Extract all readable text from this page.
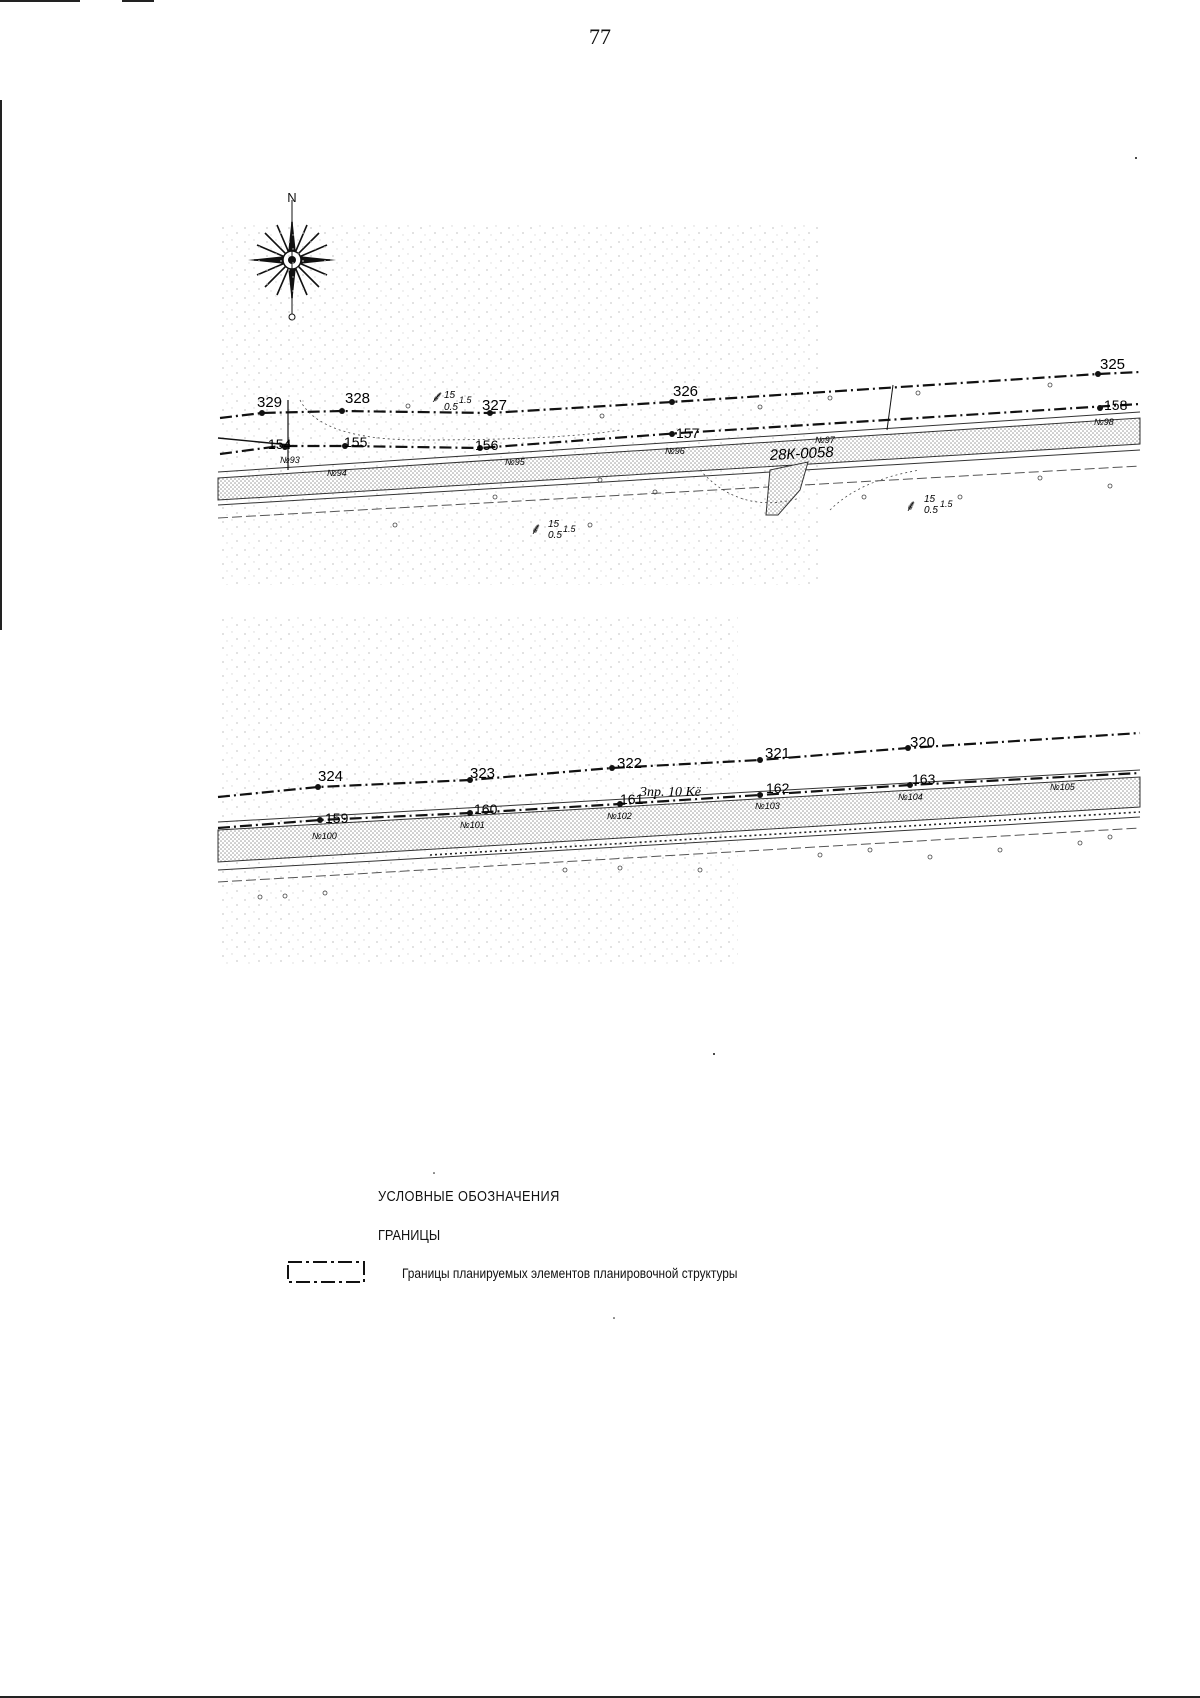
77
N
329	328	327
326
325
154	155	156
157
158
№93
№94
№95
№96
№97
№98
28К-0058
⸙ 15
0.5
1.5
⸙ 15
0.5
1.5
⸙ 15
0.5
1.5
324	323
322
321
320
159
160
161
162
163
№100
№101
№102
№103
№104
№105
3пр. 10 Кё
УСЛОВНЫЕ ОБОЗНАЧЕНИЯ
ГРАНИЦЫ
Границы планируемых элементов планировочной структуры
